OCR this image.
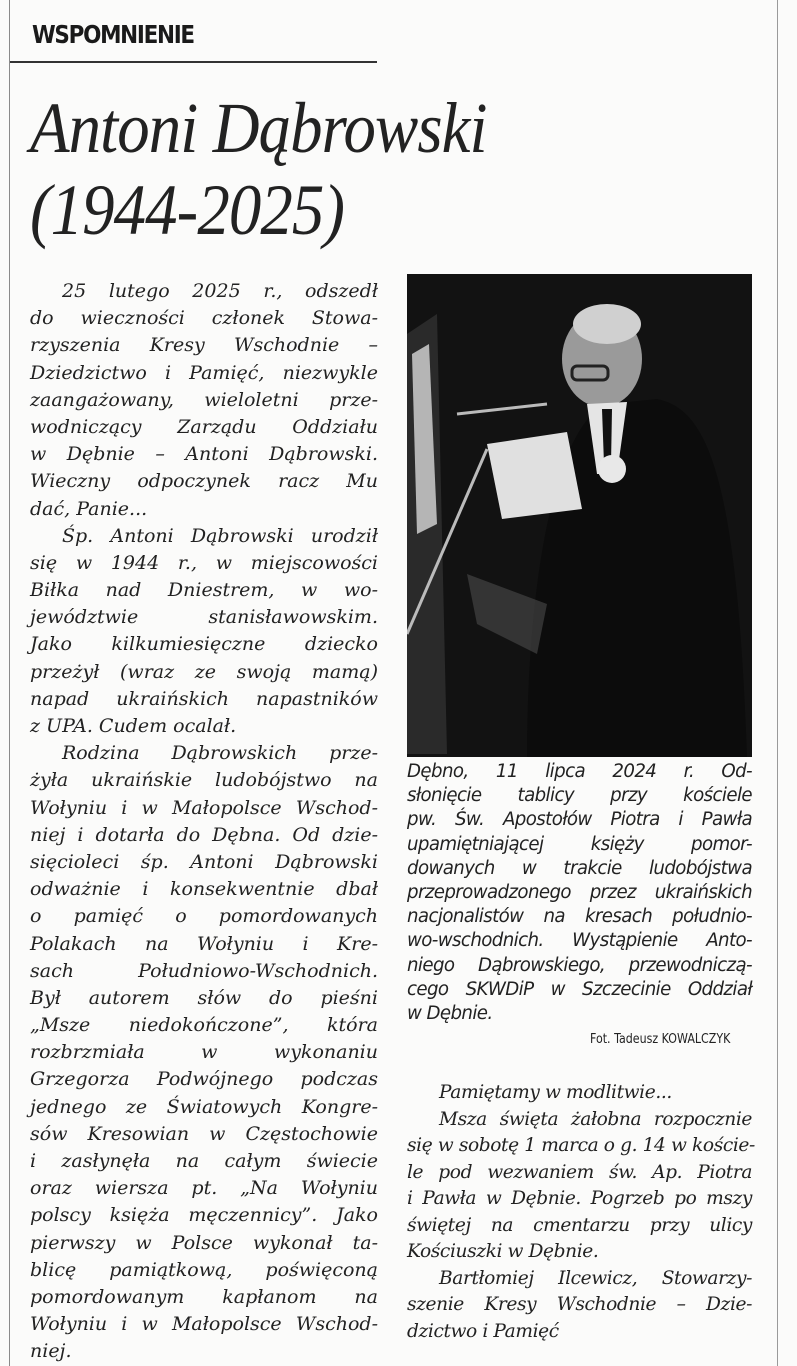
WSPOMNIENIE
Antoni Dąbrowski
(1944-2025)
25 lutego 2025 r., odszedł
do wieczności członek Stowa-
rzyszenia Kresy Wschodnie –
Dziedzictwo i Pamięć, niezwykle
zaangażowany, wieloletni prze-
wodniczący Zarządu Oddziału
w Dębnie – Antoni Dąbrowski.
Wieczny odpoczynek racz Mu
dać, Panie...
Śp. Antoni Dąbrowski urodził
się w 1944 r., w miejscowości
Biłka nad Dniestrem, w wo-
jewództwie stanisławowskim.
Jako kilkumiesięczne dziecko
przeżył (wraz ze swoją mamą)
napad ukraińskich napastników
z UPA. Cudem ocalał.
Rodzina Dąbrowskich prze-
żyła ukraińskie ludobójstwo na
Wołyniu i w Małopolsce Wschod-
niej i dotarła do Dębna. Od dzie-
sięcioleci śp. Antoni Dąbrowski
odważnie i konsekwentnie dbał
o pamięć o pomordowanych
Polakach na Wołyniu i Kre-
sach Południowo-Wschodnich.
Był autorem słów do pieśni
„Msze niedokończone”, która
rozbrzmiała w wykonaniu
Grzegorza Podwójnego podczas
jednego ze Światowych Kongre-
sów Kresowian w Częstochowie
i zasłynęła na całym świecie
oraz wiersza pt. „Na Wołyniu
polscy księża męczennicy”. Jako
pierwszy w Polsce wykonał ta-
blicę pamiątkową, poświęconą
pomordowanym kapłanom na
Wołyniu i w Małopolsce Wschod-
niej.
Dębno, 11 lipca 2024 r. Od-
słonięcie tablicy przy kościele
pw. Św. Apostołów Piotra i Pawła
upamiętniającej księży pomor-
dowanych w trakcie ludobójstwa
przeprowadzonego przez ukraińskich
nacjonalistów na kresach południo-
wo-wschodnich. Wystąpienie Anto-
niego Dąbrowskiego, przewodniczą-
cego SKWDiP w Szczecinie Oddział
w Dębnie.
Fot. Tadeusz KOWALCZYK
Pamiętamy w modlitwie...
Msza święta żałobna rozpocznie
się w sobotę 1 marca o g. 14 w koście-
le pod wezwaniem św. Ap. Piotra
i Pawła w Dębnie. Pogrzeb po mszy
świętej na cmentarzu przy ulicy
Kościuszki w Dębnie.
Bartłomiej Ilcewicz, Stowarzy-
szenie Kresy Wschodnie – Dzie-
dzictwo i Pamięć
